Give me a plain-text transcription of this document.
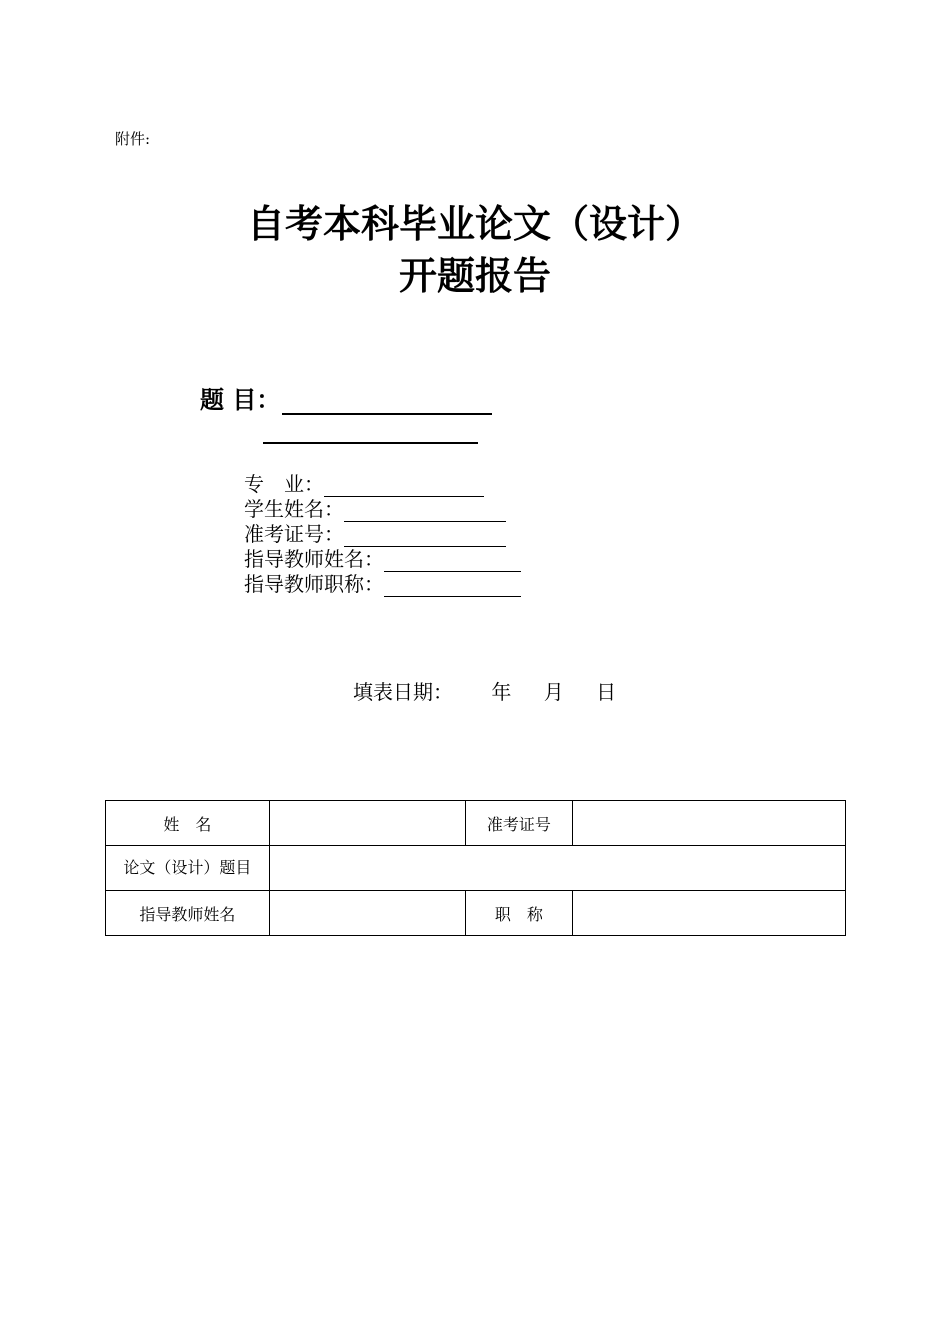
附件:
自考本科毕业论文（设计）
开题报告
题 目：
专　业：
学生姓名：
准考证号：
指导教师姓名：
指导教师职称：
填表日期： 年 月 日
姓　名		准考证号	
论文（设计）题目			
指导教师姓名		职　称	
